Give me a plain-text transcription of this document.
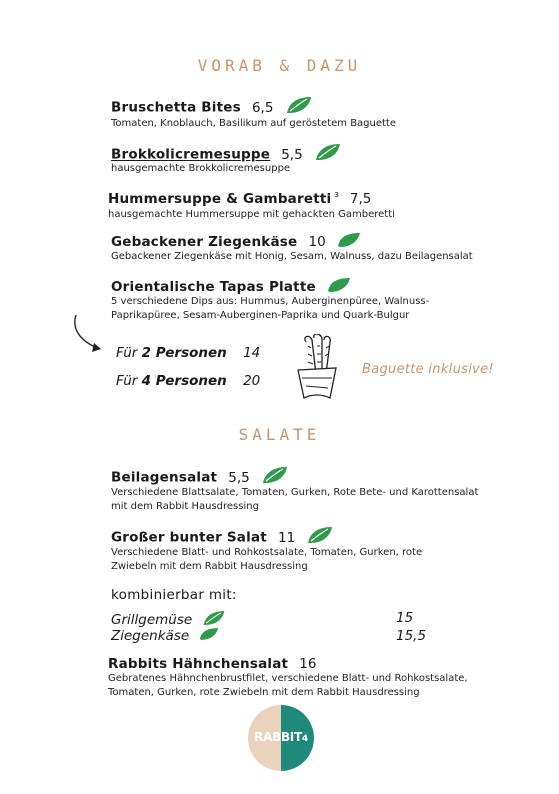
VORAB & DAZU
Bruschetta Bites 6,5
Tomaten, Knoblauch, Basilikum auf geröstetem Baguette
Brokkolicremesuppe 5,5
hausgemachte Brokkolicremesuppe
Hummersuppe & Gambaretti $^3$ 7,5
hausgemachte Hummersuppe mit gehackten Gamberetti
Gebackener Ziegenkäse 10
Gebackener Ziegenkäse mit Honig, Sesam, Walnuss, dazu Beilagensalat
Orientalische Tapas Platte
5 verschiedene Dips aus: Hummus, Auberginenpüree, Walnuss-
Paprikapüree, Sesam-Auberginen-Paprika und Quark-Bulgur
Für 2 Personen 14
Für 4 Personen 20
Baguette inklusive!
SALATE
Beilagensalat 5,5
Verschiedene Blattsalate, Tomaten, Gurken, Rote Bete- und Karottensalat
mit dem Rabbit Hausdressing
Großer bunter Salat 11
Verschiedene Blatt- und Rohkostsalate, Tomaten, Gurken, rote
Zwiebeln mit dem Rabbit Hausdressing
kombinierbar mit:
Grillgemüse	15
Ziegenkäse	15,5
Rabbits Hähnchensalat 16
Gebratenes Hähnchenbrustfilet, verschiedene Blatt- und Rohkostsalate,
Tomaten, Gurken, rote Zwiebeln mit dem Rabbit Hausdressing
RABBIT4
